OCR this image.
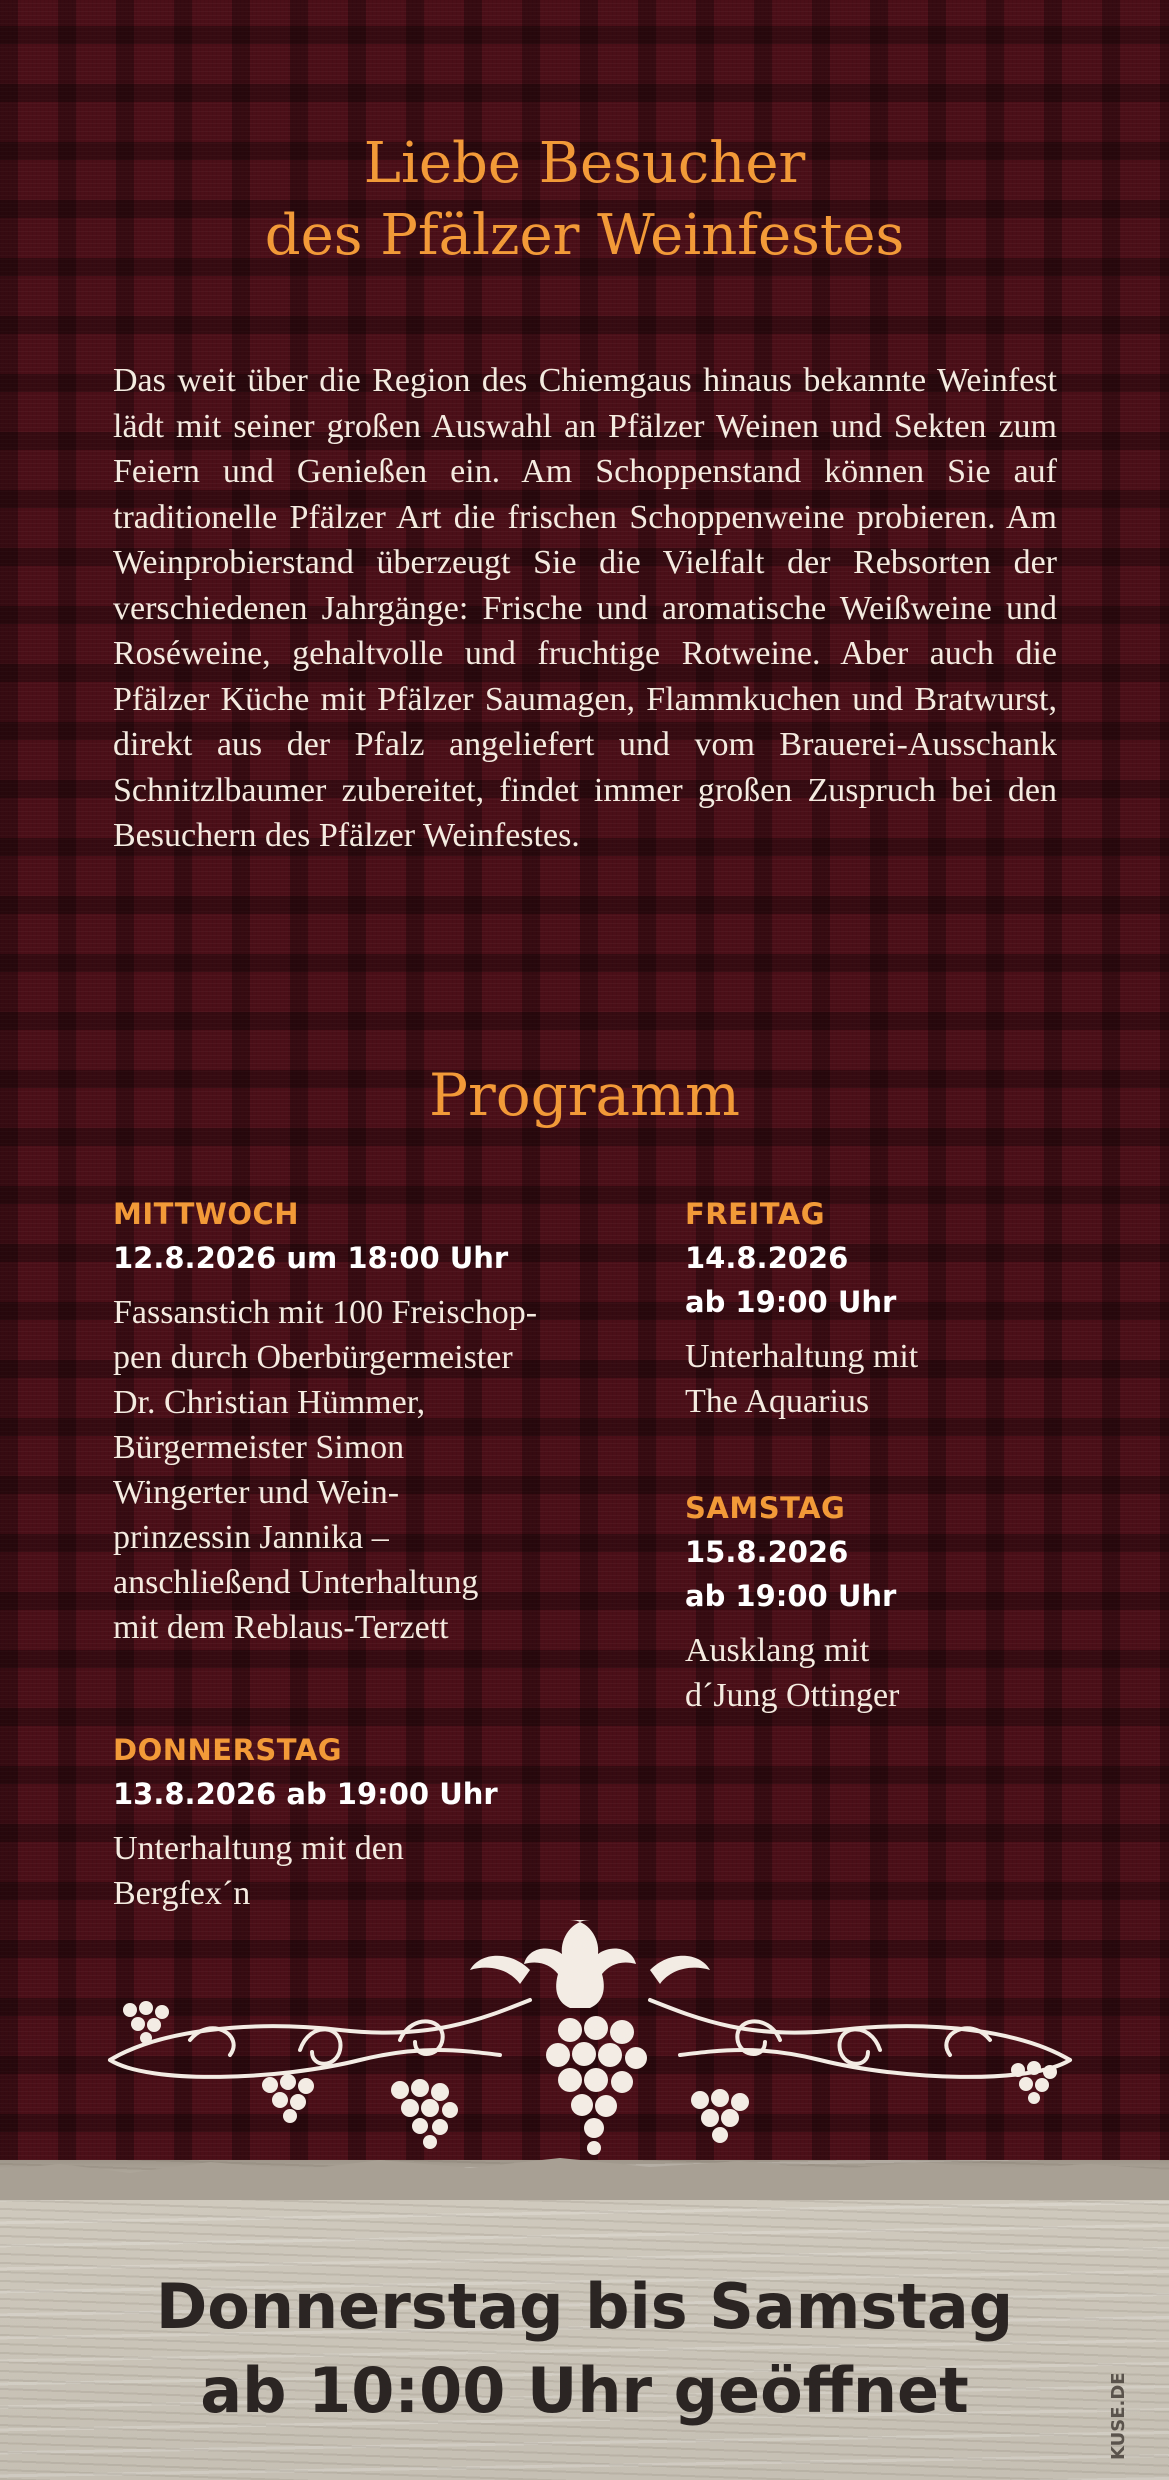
Liebe Besucher
des Pfälzer Weinfestes

Das weit über die Region des Chiemgaus hinaus bekannte Weinfest lädt mit seiner großen Auswahl an Pfälzer Weinen und Sekten zum Feiern und Genießen ein. Am Schoppenstand können Sie auf traditionelle Pfälzer Art die frischen Schoppenweine probieren. Am Weinprobierstand überzeugt Sie die Vielfalt der Rebsorten der verschiedenen Jahrgänge: Frische und aromatische Weißweine und Roséweine, gehaltvolle und fruchtige Rotweine. Aber auch die Pfälzer Küche mit Pfälzer Saumagen, Flammkuchen und Bratwurst, direkt aus der Pfalz angeliefert und vom Brauerei-Ausschank Schnitzlbaumer zubereitet, findet immer großen Zuspruch bei den Besuchern des Pfälzer Weinfestes.

Programm
MITTWOCH
12.8.2026 um 18:00 Uhr
Fassanstich mit 100 Freischop-
pen durch Oberbürgermeister
Dr. Christian Hümmer,
Bürgermeister Simon
Wingerter und Wein-
prinzessin Jannika –
anschließend Unterhaltung
mit dem Reblaus-Terzett
DONNERSTAG
13.8.2026 ab 19:00 Uhr
Unterhaltung mit den
Bergfex´n
FREITAG
14.8.2026
ab 19:00 Uhr
Unterhaltung mit
The Aquarius
SAMSTAG
15.8.2026
ab 19:00 Uhr
Ausklang mit
d´Jung Ottinger
Donnerstag bis Samstag
ab 10:00 Uhr geöffnet	KUSE.DE
